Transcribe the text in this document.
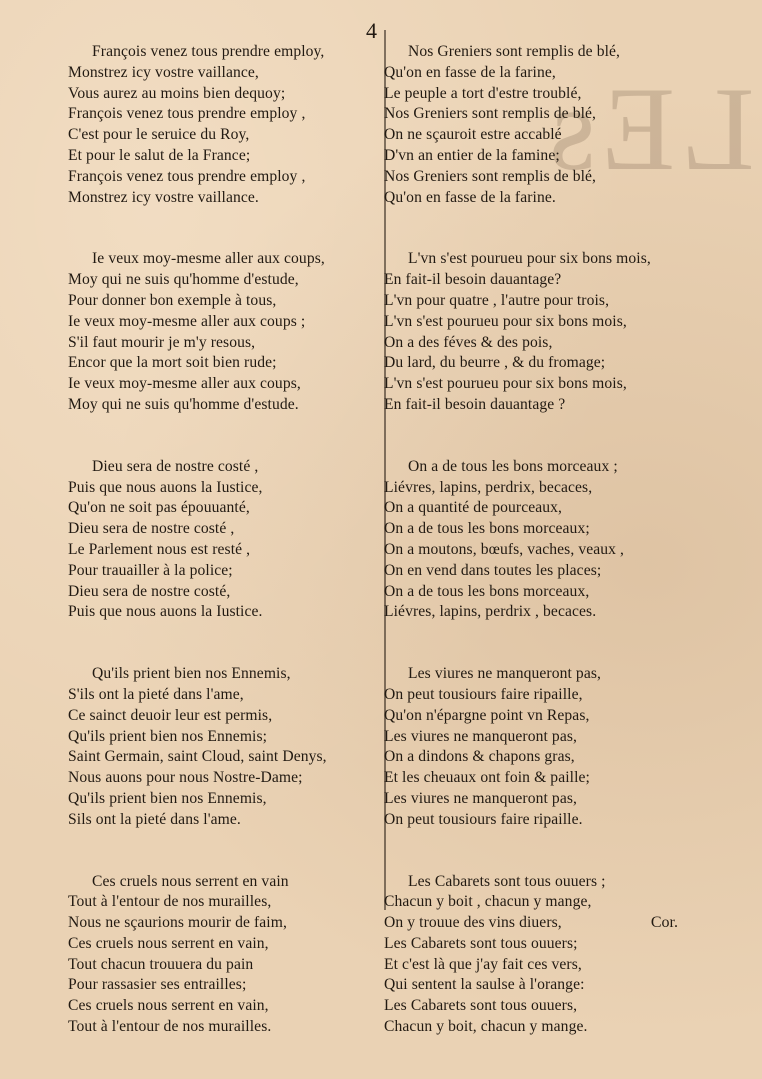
LEs
4
François venez tous prendre employ,
Monstrez icy vostre vaillance,
Vous aurez au moins bien dequoy;
François venez tous prendre employ ,
C'est pour le seruice du Roy,
Et pour le salut de la France;
François venez tous prendre employ ,
Monstrez icy vostre vaillance.
Ie veux moy-mesme aller aux coups,
Moy qui ne suis qu'homme d'estude,
Pour donner bon exemple à tous,
Ie veux moy-mesme aller aux coups ;
S'il faut mourir je m'y resous,
Encor que la mort soit bien rude;
Ie veux moy-mesme aller aux coups,
Moy qui ne suis qu'homme d'estude.
Dieu sera de nostre costé ,
Puis que nous auons la Iustice,
Qu'on ne soit pas épouuanté,
Dieu sera de nostre costé ,
Le Parlement nous est resté ,
Pour trauailler à la police;
Dieu sera de nostre costé,
Puis que nous auons la Iustice.
Qu'ils prient bien nos Ennemis,
S'ils ont la pieté dans l'ame,
Ce sainct deuoir leur est permis,
Qu'ils prient bien nos Ennemis;
Saint Germain, saint Cloud, saint Denys,
Nous auons pour nous Nostre-Dame;
Qu'ils prient bien nos Ennemis,
Sils ont la pieté dans l'ame.
Ces cruels nous serrent en vain
Tout à l'entour de nos murailles,
Nous ne sçaurions mourir de faim,
Ces cruels nous serrent en vain,
Tout chacun trouuera du pain
Pour rassasier ses entrailles;
Ces cruels nous serrent en vain,
Tout à l'entour de nos murailles.
Nos Greniers sont remplis de blé,
Qu'on en fasse de la farine,
Le peuple a tort d'estre troublé,
Nos Greniers sont remplis de blé,
On ne sçauroit estre accablé
D'vn an entier de la famine;
Nos Greniers sont remplis de blé,
Qu'on en fasse de la farine.
L'vn s'est pourueu pour six bons mois,
En fait-il besoin dauantage?
L'vn pour quatre , l'autre pour trois,
L'vn s'est pourueu pour six bons mois,
On a des féves & des pois,
Du lard, du beurre , & du fromage;
L'vn s'est pourueu pour six bons mois,
En fait-il besoin dauantage ?
On a de tous les bons morceaux ;
Liévres, lapins, perdrix, becaces,
On a quantité de pourceaux,
On a de tous les bons morceaux;
On a moutons, bœufs, vaches, veaux ,
On en vend dans toutes les places;
On a de tous les bons morceaux,
Liévres, lapins, perdrix , becaces.
Les viures ne manqueront pas,
On peut tousiours faire ripaille,
Qu'on n'épargne point vn Repas,
Les viures ne manqueront pas,
On a dindons & chapons gras,
Et les cheuaux ont foin & paille;
Les viures ne manqueront pas,
On peut tousiours faire ripaille.
Les Cabarets sont tous ouuers ;
Chacun y boit , chacun y mange,
On y trouue des vins diuers,
Les Cabarets sont tous ouuers;
Et c'est là que j'ay fait ces vers,
Qui sentent la saulse à l'orange:
Les Cabarets sont tous ouuers,
Chacun y boit, chacun y mange.
Cor.
